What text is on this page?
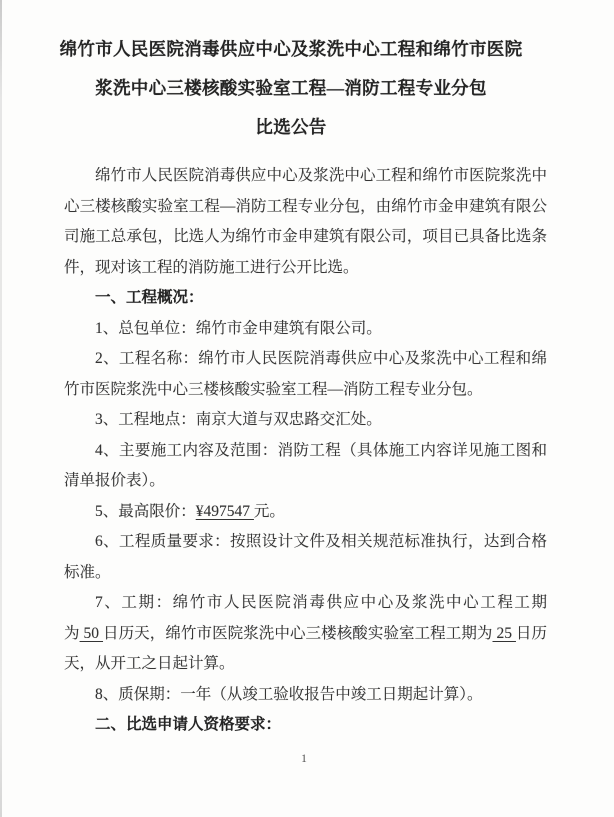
绵竹市人民医院消毒供应中心及浆洗中心工程和绵竹市医院
浆洗中心三楼核酸实验室工程—消防工程专业分包
比选公告

绵竹市人民医院消毒供应中心及浆洗中心工程和绵竹市医院浆洗中心三楼核酸实验室工程—消防工程专业分包，由绵竹市金申建筑有限公司施工总承包，比选人为绵竹市金申建筑有限公司，项目已具备比选条件，现对该工程的消防施工进行公开比选。

一、工程概况：

1、总包单位：绵竹市金申建筑有限公司。

2、工程名称：绵竹市人民医院消毒供应中心及浆洗中心工程和绵竹市医院浆洗中心三楼核酸实验室工程—消防工程专业分包。

3、工程地点：南京大道与双忠路交汇处。

4、主要施工内容及范围：消防工程（具体施工内容详见施工图和清单报价表）。

5、最高限价：¥497547 元。

6、工程质量要求：按照设计文件及相关规范标准执行，达到合格标准。

7、工期：绵竹市人民医院消毒供应中心及浆洗中心工程工期为 50 日历天，绵竹市医院浆洗中心三楼核酸实验室工程工期为 25 日历天，从开工之日起计算。

8、质保期：一年（从竣工验收报告中竣工日期起计算）。

二、比选申请人资格要求：

1
